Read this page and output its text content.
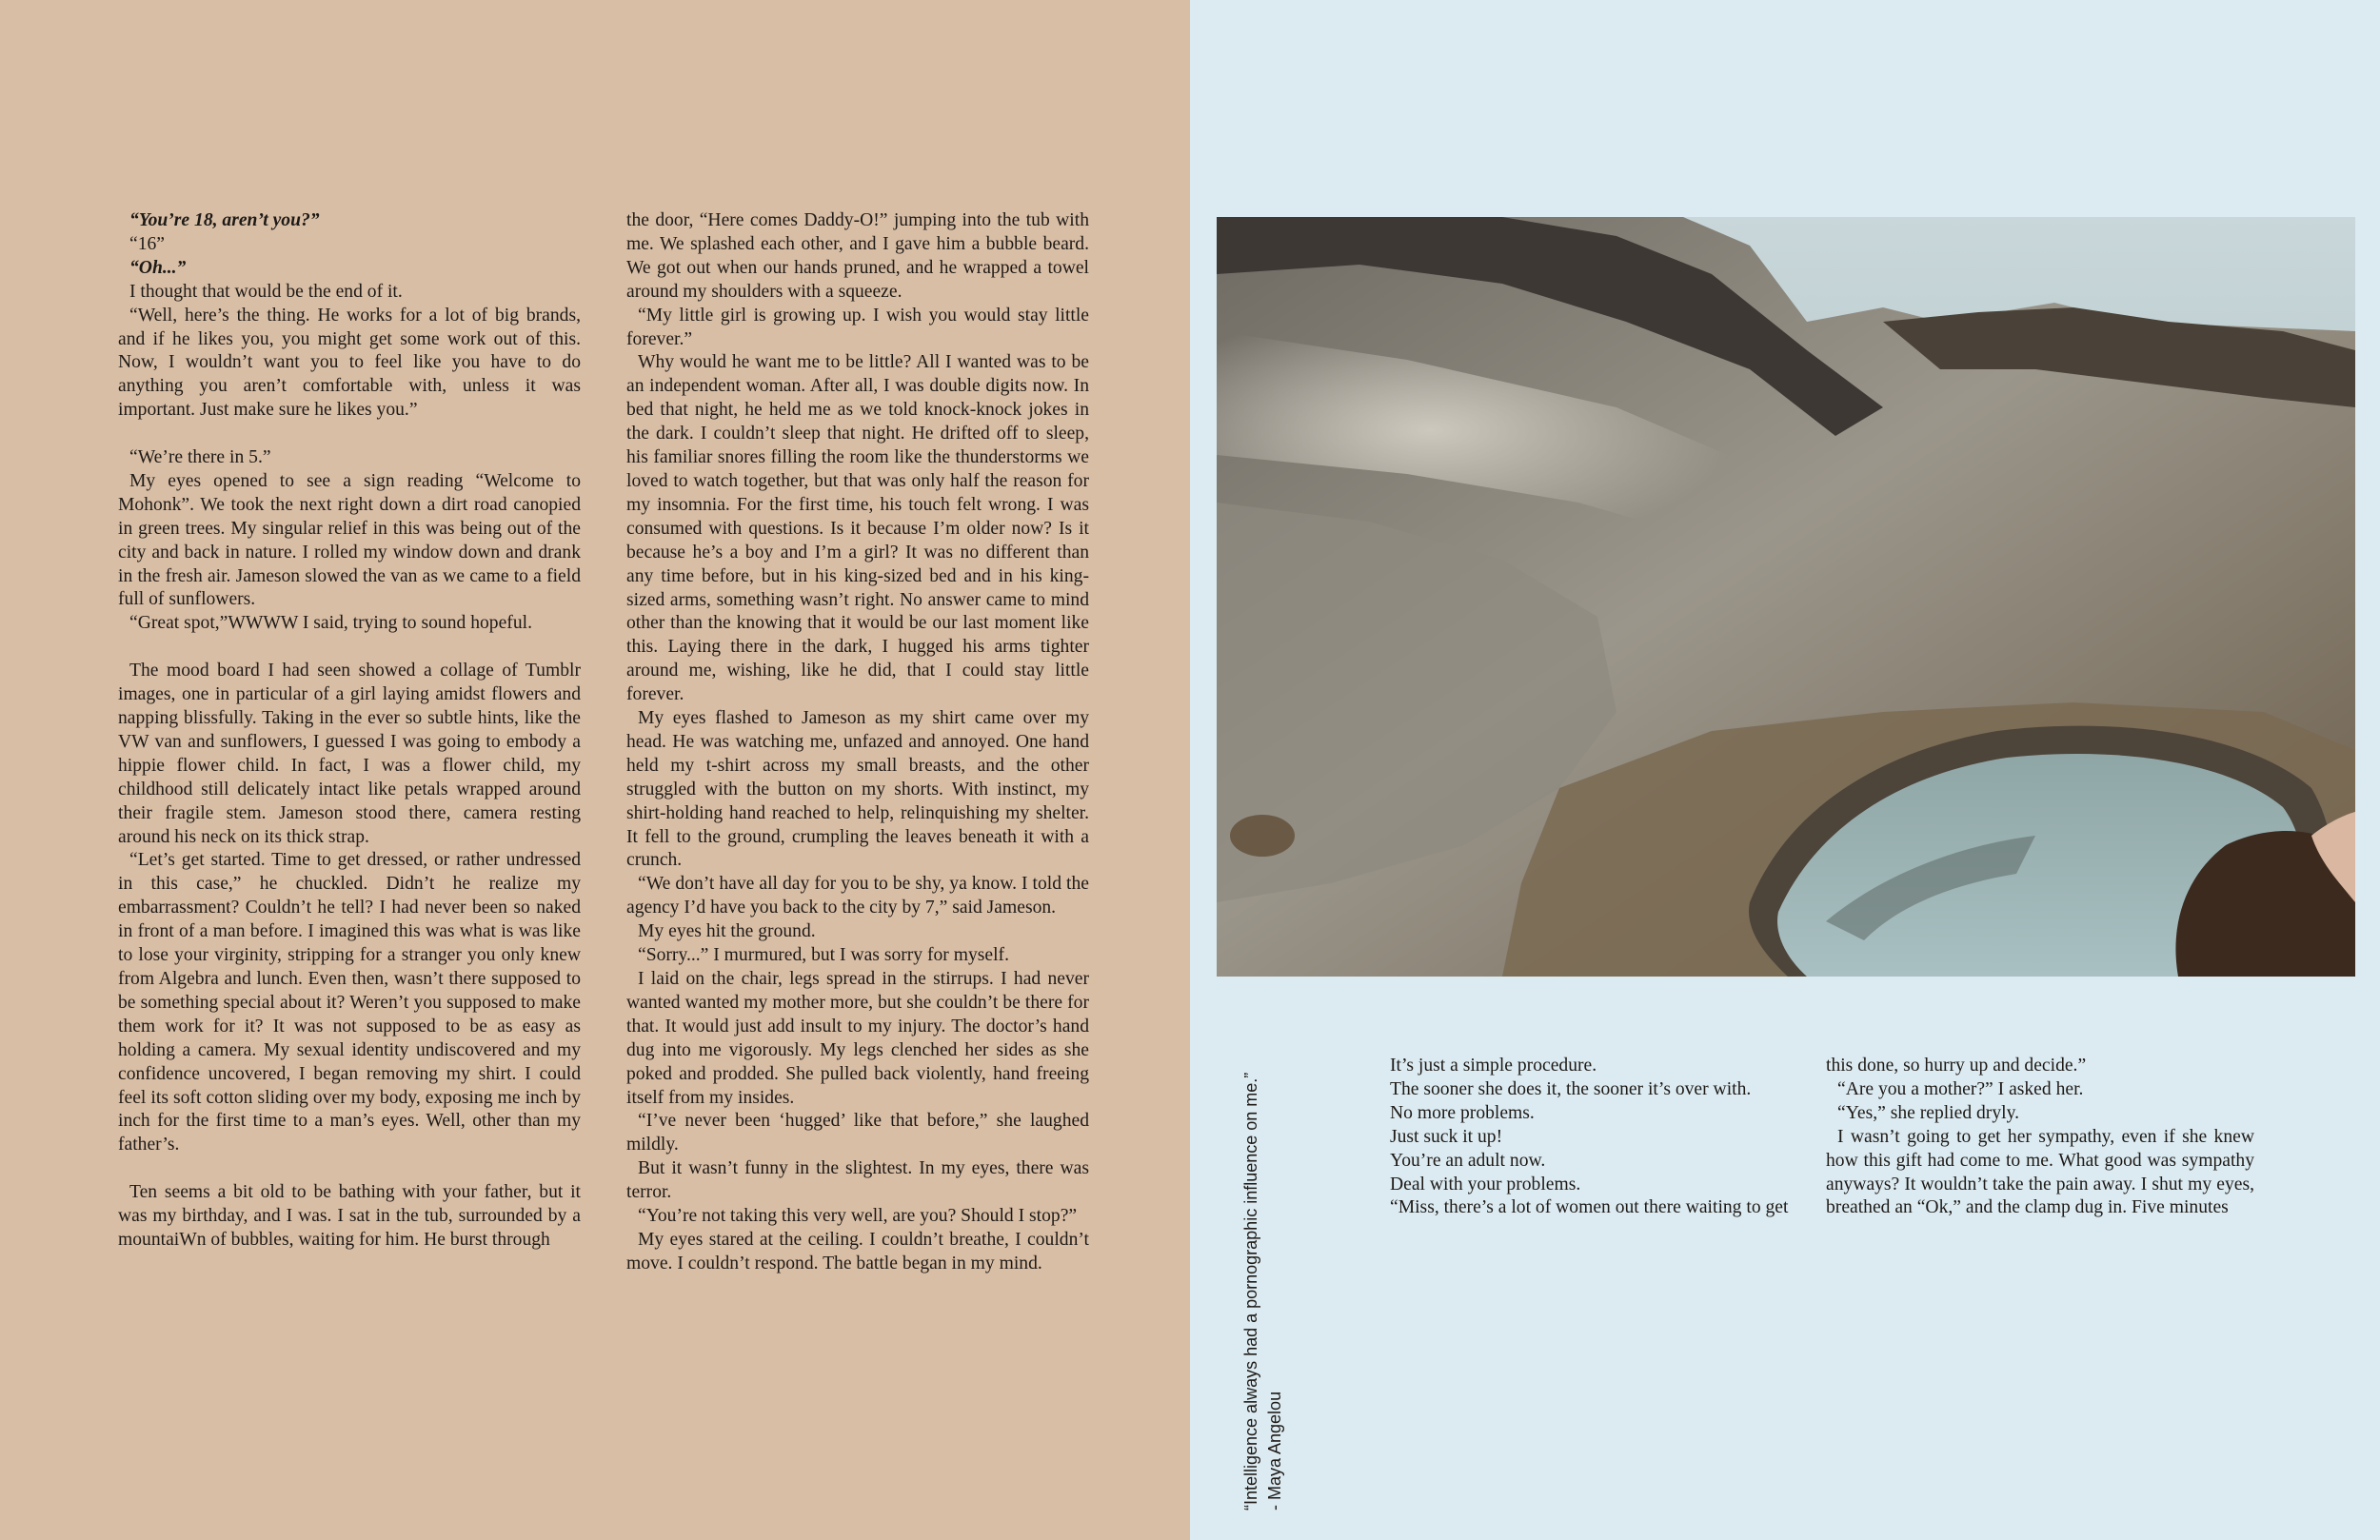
“You’re 18, aren’t you?”

“16”

“Oh...”

I thought that would be the end of it.

“Well, here’s the thing. He works for a lot of big brands, and if he likes you, you might get some work out of this. Now, I wouldn’t want you to feel like you have to do anything you aren’t comfortable with, unless it was important. Just make sure he likes you.”

“We’re there in 5.”

My eyes opened to see a sign reading “Welcome to Mohonk”. We took the next right down a dirt road canopied in green trees. My singular relief in this was being out of the city and back in nature. I rolled my window down and drank in the fresh air. Jameson slowed the van as we came to a field full of sunflowers.

“Great spot,”WWWW I said, trying to sound hopeful.

The mood board I had seen showed a collage of Tumblr images, one in particular of a girl laying amidst flowers and napping blissfully. Taking in the ever so subtle hints, like the VW van and sunflowers, I guessed I was going to embody a hippie flower child. In fact, I was a flower child, my childhood still delicately intact like petals wrapped around their fragile stem. Jameson stood there, camera resting around his neck on its thick strap.

“Let’s get started. Time to get dressed, or rather undressed in this case,” he chuckled. Didn’t he realize my embarrassment? Couldn’t he tell? I had never been so naked in front of a man before. I imagined this was what is was like to lose your virginity, stripping for a stranger you only knew from Algebra and lunch. Even then, wasn’t there supposed to be something special about it? Weren’t you supposed to make them work for it? It was not supposed to be as easy as holding a camera. My sexual identity undiscovered and my confidence uncovered, I began removing my shirt. I could feel its soft cotton sliding over my body, exposing me inch by inch for the first time to a man’s eyes. Well, other than my father’s.

Ten seems a bit old to be bathing with your father, but it was my birthday, and I was. I sat in the tub, surrounded by a mountaiWn of bubbles, waiting for him. He burst through

the door, “Here comes Daddy-O!” jumping into the tub with me. We splashed each other, and I gave him a bubble beard. We got out when our hands pruned, and he wrapped a towel around my shoulders with a squeeze.

“My little girl is growing up. I wish you would stay little forever.”

Why would he want me to be little? All I wanted was to be an independent woman. After all, I was double digits now. In bed that night, he held me as we told knock-knock jokes in the dark. I couldn’t sleep that night. He drifted off to sleep, his familiar snores filling the room like the thunderstorms we loved to watch together, but that was only half the reason for my insomnia. For the first time, his touch felt wrong. I was consumed with questions. Is it because I’m older now? Is it because he’s a boy and I’m a girl? It was no different than any time before, but in his king-sized bed and in his king-sized arms, something wasn’t right. No answer came to mind other than the knowing that it would be our last moment like this. Laying there in the dark, I hugged his arms tighter around me, wishing, like he did, that I could stay little forever.

My eyes flashed to Jameson as my shirt came over my head. He was watching me, unfazed and annoyed. One hand held my t-shirt across my small breasts, and the other struggled with the button on my shorts. With instinct, my shirt-holding hand reached to help, relinquishing my shelter. It fell to the ground, crumpling the leaves beneath it with a crunch.

“We don’t have all day for you to be shy, ya know. I told the agency I’d have you back to the city by 7,” said Jameson.

My eyes hit the ground.

“Sorry...” I murmured, but I was sorry for myself.

I laid on the chair, legs spread in the stirrups. I had never wanted wanted my mother more, but she couldn’t be there for that. It would just add insult to my injury. The doctor’s hand dug into me vigorously. My legs clenched her sides as she poked and prodded. She pulled back violently, hand freeing itself from my insides.

“I’ve never been ‘hugged’ like that before,” she laughed mildly.

But it wasn’t funny in the slightest. In my eyes, there was terror.

“You’re not taking this very well, are you? Should I stop?”

My eyes stared at the ceiling. I couldn’t breathe, I couldn’t move. I couldn’t respond. The battle began in my mind.

It’s just a simple procedure.

The sooner she does it, the sooner it’s over with.

No more problems.

Just suck it up!

You’re an adult now.

Deal with your problems.

“Miss, there’s a lot of women out there waiting to get

this done, so hurry up and decide.”

“Are you a mother?” I asked her.

“Yes,” she replied dryly.

I wasn’t going to get her sympathy, even if she knew how this gift had come to me. What good was sympathy anyways? It wouldn’t take the pain away. I shut my eyes, breathed an “Ok,” and the clamp dug in. Five minutes

“Intelligence always had a pornographic influence on me.” - Maya Angelou
